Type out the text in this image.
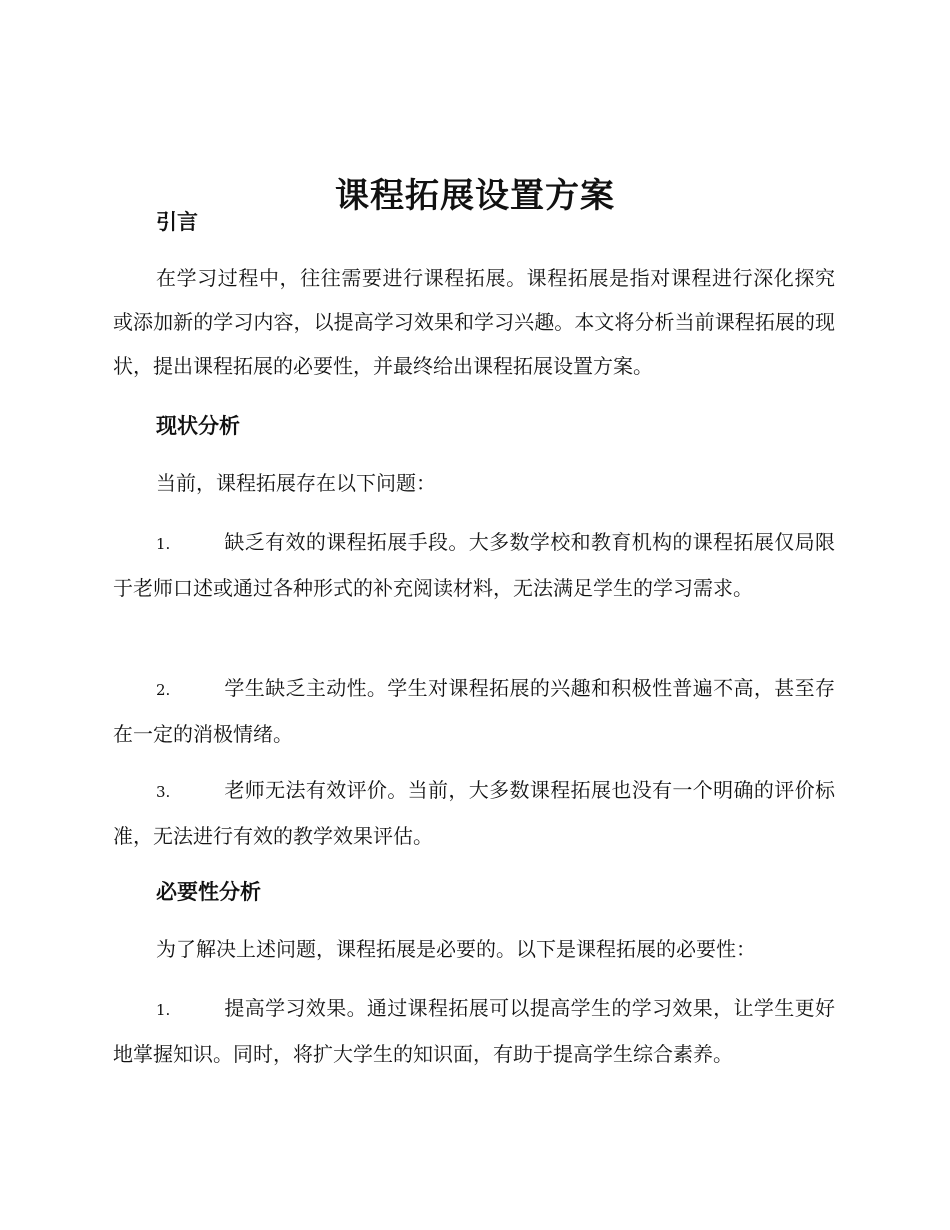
课程拓展设置方案
引言

在学习过程中，往往需要进行课程拓展。课程拓展是指对课程进行深化探究或添加新的学习内容，以提高学习效果和学习兴趣。本文将分析当前课程拓展的现状，提出课程拓展的必要性，并最终给出课程拓展设置方案。

现状分析

当前，课程拓展存在以下问题：

1.	缺乏有效的课程拓展手段。大多数学校和教育机构的课程拓展仅局限于老师口述或通过各种形式的补充阅读材料，无法满足学生的学习需求。

2.	学生缺乏主动性。学生对课程拓展的兴趣和积极性普遍不高，甚至存在一定的消极情绪。

3.	老师无法有效评价。当前，大多数课程拓展也没有一个明确的评价标准，无法进行有效的教学效果评估。

必要性分析

为了解决上述问题，课程拓展是必要的。以下是课程拓展的必要性：

1.	提高学习效果。通过课程拓展可以提高学生的学习效果，让学生更好地掌握知识。同时，将扩大学生的知识面，有助于提高学生综合素养。
